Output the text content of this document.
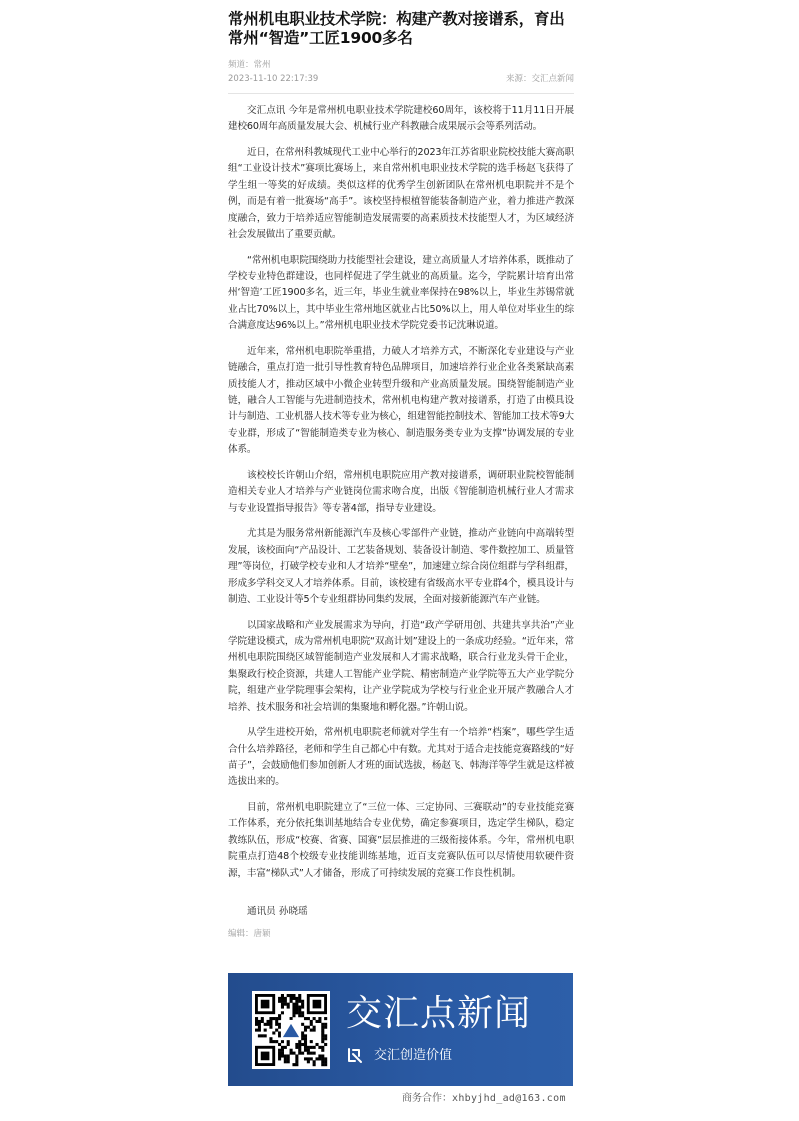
常州机电职业技术学院：构建产教对接谱系，育出常州“智造”工匠1900多名
频道：常州
2023-11-10 22:17:39	来源：交汇点新闻

交汇点讯 今年是常州机电职业技术学院建校60周年，该校将于11月11日开展建校60周年高质量发展大会、机械行业产科教融合成果展示会等系列活动。

近日，在常州科教城现代工业中心举行的2023年江苏省职业院校技能大赛高职组“工业设计技术”赛项比赛场上，来自常州机电职业技术学院的选手杨赵飞获得了学生组一等奖的好成绩。类似这样的优秀学生创新团队在常州机电职院并不是个例，而是有着一批赛场“高手”。该校坚持根植智能装备制造产业，着力推进产教深度融合，致力于培养适应智能制造发展需要的高素质技术技能型人才，为区域经济社会发展做出了重要贡献。

“常州机电职院围绕助力技能型社会建设，建立高质量人才培养体系，既推动了学校专业特色群建设，也同样促进了学生就业的高质量。迄今，学院累计培育出常州‘智造’工匠1900多名，近三年，毕业生就业率保持在98%以上，毕业生苏锡常就业占比70%以上，其中毕业生常州地区就业占比50%以上，用人单位对毕业生的综合满意度达96%以上。”常州机电职业技术学院党委书记沈琳说道。

近年来，常州机电职院举重措，力破人才培养方式，不断深化专业建设与产业链融合，重点打造一批引导性教育特色品牌项目，加速培养行业企业各类紧缺高素质技能人才，推动区域中小微企业转型升级和产业高质量发展。围绕智能制造产业链，融合人工智能与先进制造技术，常州机电构建产教对接谱系，打造了由模具设计与制造、工业机器人技术等专业为核心，组建智能控制技术、智能加工技术等9大专业群，形成了“智能制造类专业为核心、制造服务类专业为支撑”协调发展的专业体系。

该校校长许朝山介绍，常州机电职院应用产教对接谱系，调研职业院校智能制造相关专业人才培养与产业链岗位需求吻合度，出版《智能制造机械行业人才需求与专业设置指导报告》等专著4部，指导专业建设。

尤其是为服务常州新能源汽车及核心零部件产业链，推动产业链向中高端转型发展，该校面向“产品设计、工艺装备规划、装备设计制造、零件数控加工、质量管理”等岗位，打破学校专业和人才培养“壁垒”，加速建立综合岗位组群与学科组群，形成多学科交叉人才培养体系。目前，该校建有省级高水平专业群4个，模具设计与制造、工业设计等5个专业组群协同集约发展，全面对接新能源汽车产业链。

以国家战略和产业发展需求为导向，打造“政产学研用创、共建共享共治”产业学院建设模式，成为常州机电职院“双高计划”建设上的一条成功经验。“近年来，常州机电职院围绕区域智能制造产业发展和人才需求战略，联合行业龙头骨干企业，集聚政行校企资源，共建人工智能产业学院、精密制造产业学院等五大产业学院分院，组建产业学院理事会架构，让产业学院成为学校与行业企业开展产教融合人才培养、技术服务和社会培训的集聚地和孵化器。”许朝山说。

从学生进校开始，常州机电职院老师就对学生有一个培养“档案”，哪些学生适合什么培养路径，老师和学生自己都心中有数。尤其对于适合走技能竞赛路线的“好苗子”，会鼓励他们参加创新人才班的面试选拔，杨赵飞、韩海洋等学生就是这样被选拔出来的。

目前，常州机电职院建立了“三位一体、三定协同、三赛联动”的专业技能竞赛工作体系，充分依托集训基地结合专业优势，确定参赛项目，选定学生梯队，稳定教练队伍，形成“校赛、省赛、国赛”层层推进的三级衔接体系。今年，常州机电职院重点打造48个校级专业技能训练基地，近百支竞赛队伍可以尽情使用软硬件资源，丰富“梯队式”人才储备，形成了可持续发展的竞赛工作良性机制。

通讯员 孙晓瑶
编辑：唐颖
交汇点新闻
交汇创造价值
商务合作：xhbyjhd_ad@163.com
